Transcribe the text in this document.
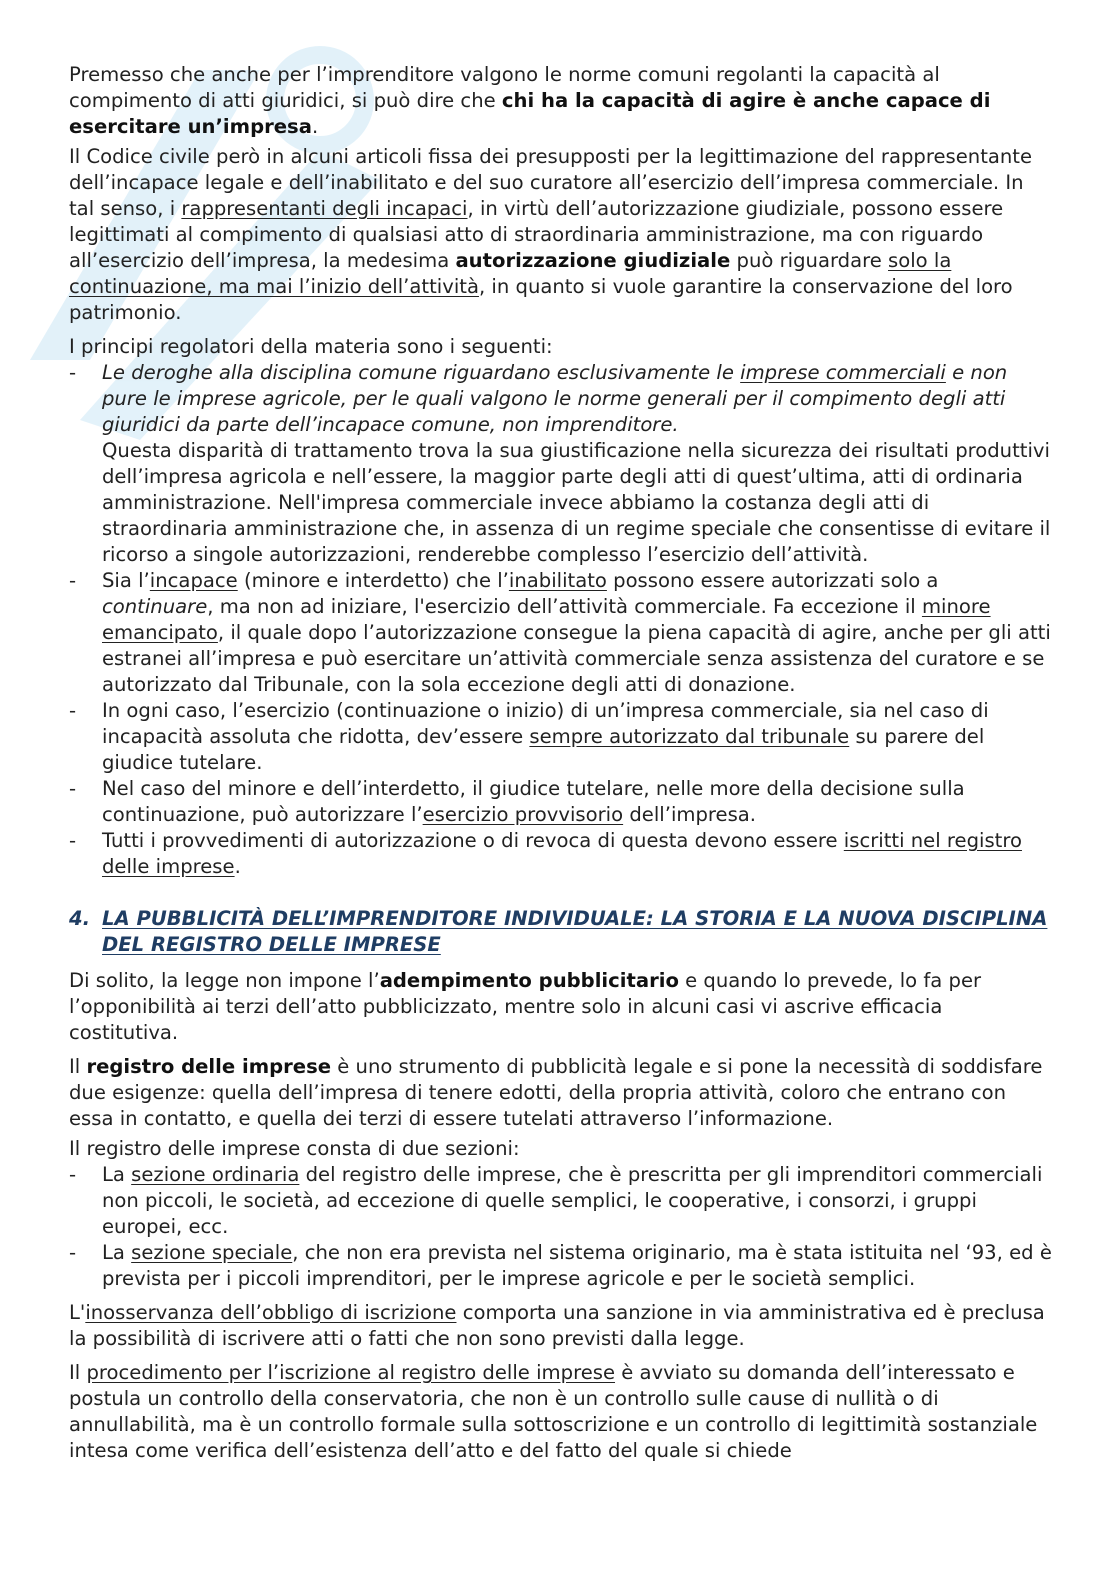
Premesso che anche per l’imprenditore valgono le norme comuni regolanti la capacità al compimento di atti giuridici, si può dire che chi ha la capacità di agire è anche capace di esercitare un’impresa.

Il Codice civile però in alcuni articoli fissa dei presupposti per la legittimazione del rappresentante dell’incapace legale e dell’inabilitato e del suo curatore all’esercizio dell’impresa commerciale. In tal senso, i rappresentanti degli incapaci, in virtù dell’autorizzazione giudiziale, possono essere legittimati al compimento di qualsiasi atto di straordinaria amministrazione, ma con riguardo all’esercizio dell’impresa, la medesima autorizzazione giudiziale può riguardare solo la continuazione, ma mai l’inizio dell’attività, in quanto si vuole garantire la conservazione del loro patrimonio.

I principi regolatori della materia sono i seguenti:

- Le deroghe alla disciplina comune riguardano esclusivamente le imprese commerciali e non pure le imprese agricole, per le quali valgono le norme generali per il compimento degli atti giuridici da parte dell’incapace comune, non imprenditore.
Questa disparità di trattamento trova la sua giustificazione nella sicurezza dei risultati produttivi dell’impresa agricola e nell’essere, la maggior parte degli atti di quest’ultima, atti di ordinaria amministrazione. Nell'impresa commerciale invece abbiamo la costanza degli atti di straordinaria amministrazione che, in assenza di un regime speciale che consentisse di evitare il ricorso a singole autorizzazioni, renderebbe complesso l’esercizio dell’attività.
- Sia l’incapace (minore e interdetto) che l’inabilitato possono essere autorizzati solo a continuare, ma non ad iniziare, l'esercizio dell’attività commerciale. Fa eccezione il minore emancipato, il quale dopo l’autorizzazione consegue la piena capacità di agire, anche per gli atti estranei all’impresa e può esercitare un’attività commerciale senza assistenza del curatore e se autorizzato dal Tribunale, con la sola eccezione degli atti di donazione.
- In ogni caso, l’esercizio (continuazione o inizio) di un’impresa commerciale, sia nel caso di incapacità assoluta che ridotta, dev’essere sempre autorizzato dal tribunale su parere del giudice tutelare.
- Nel caso del minore e dell’interdetto, il giudice tutelare, nelle more della decisione sulla continuazione, può autorizzare l’esercizio provvisorio dell’impresa.
- Tutti i provvedimenti di autorizzazione o di revoca di questa devono essere iscritti nel registro delle imprese.
4. LA PUBBLICITÀ DELL’IMPRENDITORE INDIVIDUALE: LA STORIA E LA NUOVA DISCIPLINA DEL REGISTRO DELLE IMPRESE

Di solito, la legge non impone l’adempimento pubblicitario e quando lo prevede, lo fa per l’opponibilità ai terzi dell’atto pubblicizzato, mentre solo in alcuni casi vi ascrive efficacia costitutiva.

Il registro delle imprese è uno strumento di pubblicità legale e si pone la necessità di soddisfare due esigenze: quella dell’impresa di tenere edotti, della propria attività, coloro che entrano con essa in contatto, e quella dei terzi di essere tutelati attraverso l’informazione.

Il registro delle imprese consta di due sezioni:

- La sezione ordinaria del registro delle imprese, che è prescritta per gli imprenditori commerciali non piccoli, le società, ad eccezione di quelle semplici, le cooperative, i consorzi, i gruppi europei, ecc.
- La sezione speciale, che non era prevista nel sistema originario, ma è stata istituita nel ‘93, ed è prevista per i piccoli imprenditori, per le imprese agricole e per le società semplici.

L'inosservanza dell’obbligo di iscrizione comporta una sanzione in via amministrativa ed è preclusa la possibilità di iscrivere atti o fatti che non sono previsti dalla legge.

Il procedimento per l’iscrizione al registro delle imprese è avviato su domanda dell’interessato e postula un controllo della conservatoria, che non è un controllo sulle cause di nullità o di annullabilità, ma è un controllo formale sulla sottoscrizione e un controllo di legittimità sostanziale intesa come verifica dell’esistenza dell’atto e del fatto del quale si chiede
